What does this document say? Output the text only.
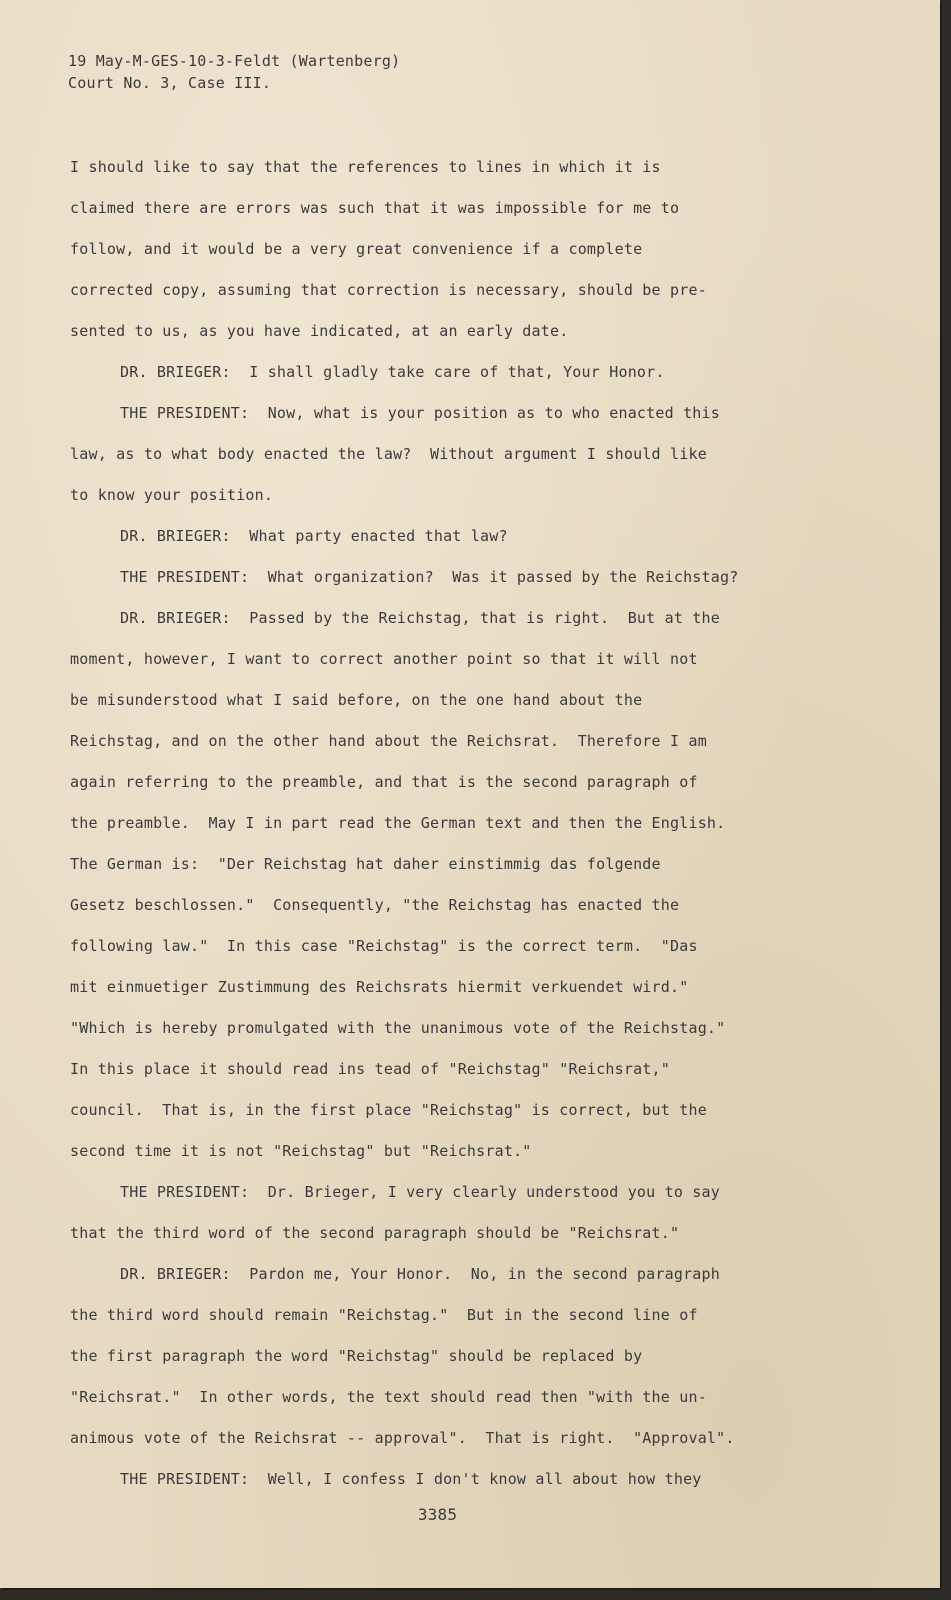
19 May-M-GES-10-3-Feldt (Wartenberg)
Court No. 3, Case III.
I should like to say that the references to lines in which it is
claimed there are errors was such that it was impossible for me to
follow, and it would be a very great convenience if a complete
corrected copy, assuming that correction is necessary, should be pre-
sented to us, as you have indicated, at an early date.
DR. BRIEGER:  I shall gladly take care of that, Your Honor.
THE PRESIDENT:  Now, what is your position as to who enacted this
law, as to what body enacted the law?  Without argument I should like
to know your position.
DR. BRIEGER:  What party enacted that law?
THE PRESIDENT:  What organization?  Was it passed by the Reichstag?
DR. BRIEGER:  Passed by the Reichstag, that is right.  But at the
moment, however, I want to correct another point so that it will not
be misunderstood what I said before, on the one hand about the
Reichstag, and on the other hand about the Reichsrat.  Therefore I am
again referring to the preamble, and that is the second paragraph of
the preamble.  May I in part read the German text and then the English.
The German is:  "Der Reichstag hat daher einstimmig das folgende
Gesetz beschlossen."  Consequently, "the Reichstag has enacted the
following law."  In this case "Reichstag" is the correct term.  "Das
mit einmuetiger Zustimmung des Reichsrats hiermit verkuendet wird."
"Which is hereby promulgated with the unanimous vote of the Reichstag."
In this place it should read ins tead of "Reichstag" "Reichsrat,"
council.  That is, in the first place "Reichstag" is correct, but the
second time it is not "Reichstag" but "Reichsrat."
THE PRESIDENT:  Dr. Brieger, I very clearly understood you to say
that the third word of the second paragraph should be "Reichsrat."
DR. BRIEGER:  Pardon me, Your Honor.  No, in the second paragraph
the third word should remain "Reichstag."  But in the second line of
the first paragraph the word "Reichstag" should be replaced by
"Reichsrat."  In other words, the text should read then "with the un-
animous vote of the Reichsrat -- approval".  That is right.  "Approval".
THE PRESIDENT:  Well, I confess I don't know all about how they
3385
